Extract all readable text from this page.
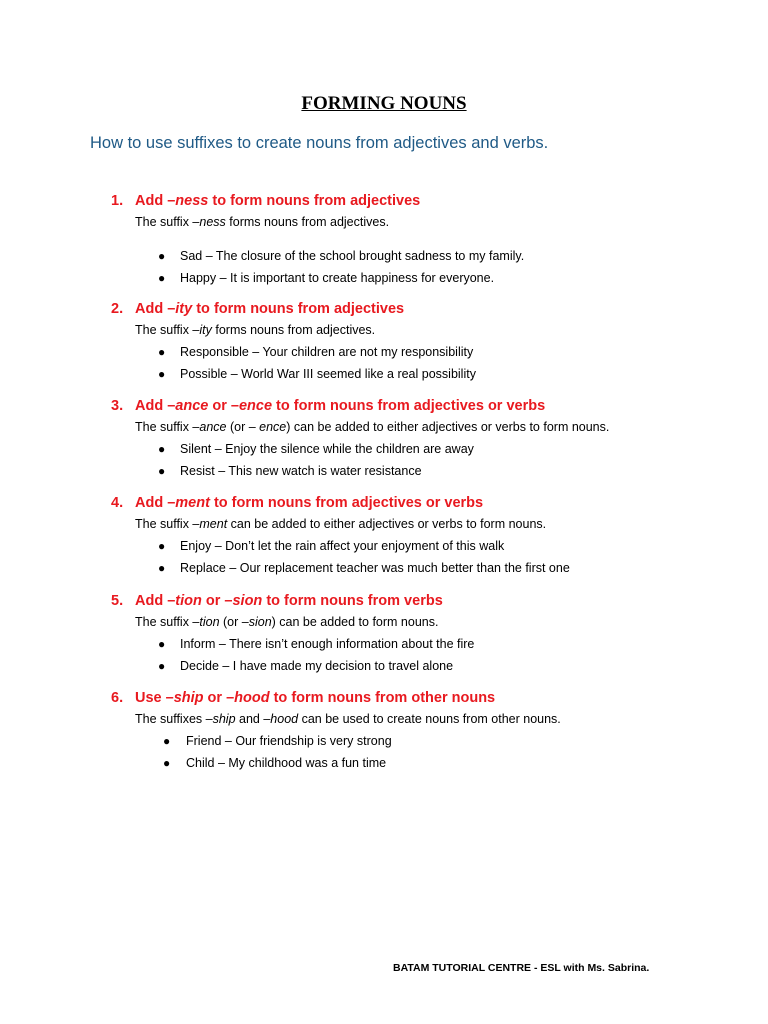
FORMING NOUNS

How to use suffixes to create nouns from adjectives and verbs.

1. Add –ness to form nouns from adjectives
The suffix –ness forms nouns from adjectives.
● Sad – The closure of the school brought sadness to my family.
● Happy – It is important to create happiness for everyone.
2. Add –ity to form nouns from adjectives
The suffix –ity forms nouns from adjectives.
● Responsible – Your children are not my responsibility
● Possible – World War III seemed like a real possibility
3. Add –ance or –ence to form nouns from adjectives or verbs
The suffix –ance (or – ence) can be added to either adjectives or verbs to form nouns.
● Silent – Enjoy the silence while the children are away
● Resist – This new watch is water resistance
4. Add –ment to form nouns from adjectives or verbs
The suffix –ment can be added to either adjectives or verbs to form nouns.
● Enjoy – Don’t let the rain affect your enjoyment of this walk
● Replace – Our replacement teacher was much better than the first one
5. Add –tion or –sion to form nouns from verbs
The suffix –tion (or –sion) can be added to form nouns.
● Inform – There isn’t enough information about the fire
● Decide – I have made my decision to travel alone
6. Use –ship or –hood to form nouns from other nouns
The suffixes –ship and –hood can be used to create nouns from other nouns.
● Friend – Our friendship is very strong
● Child – My childhood was a fun time
BATAM TUTORIAL CENTRE - ESL with Ms. Sabrina.
